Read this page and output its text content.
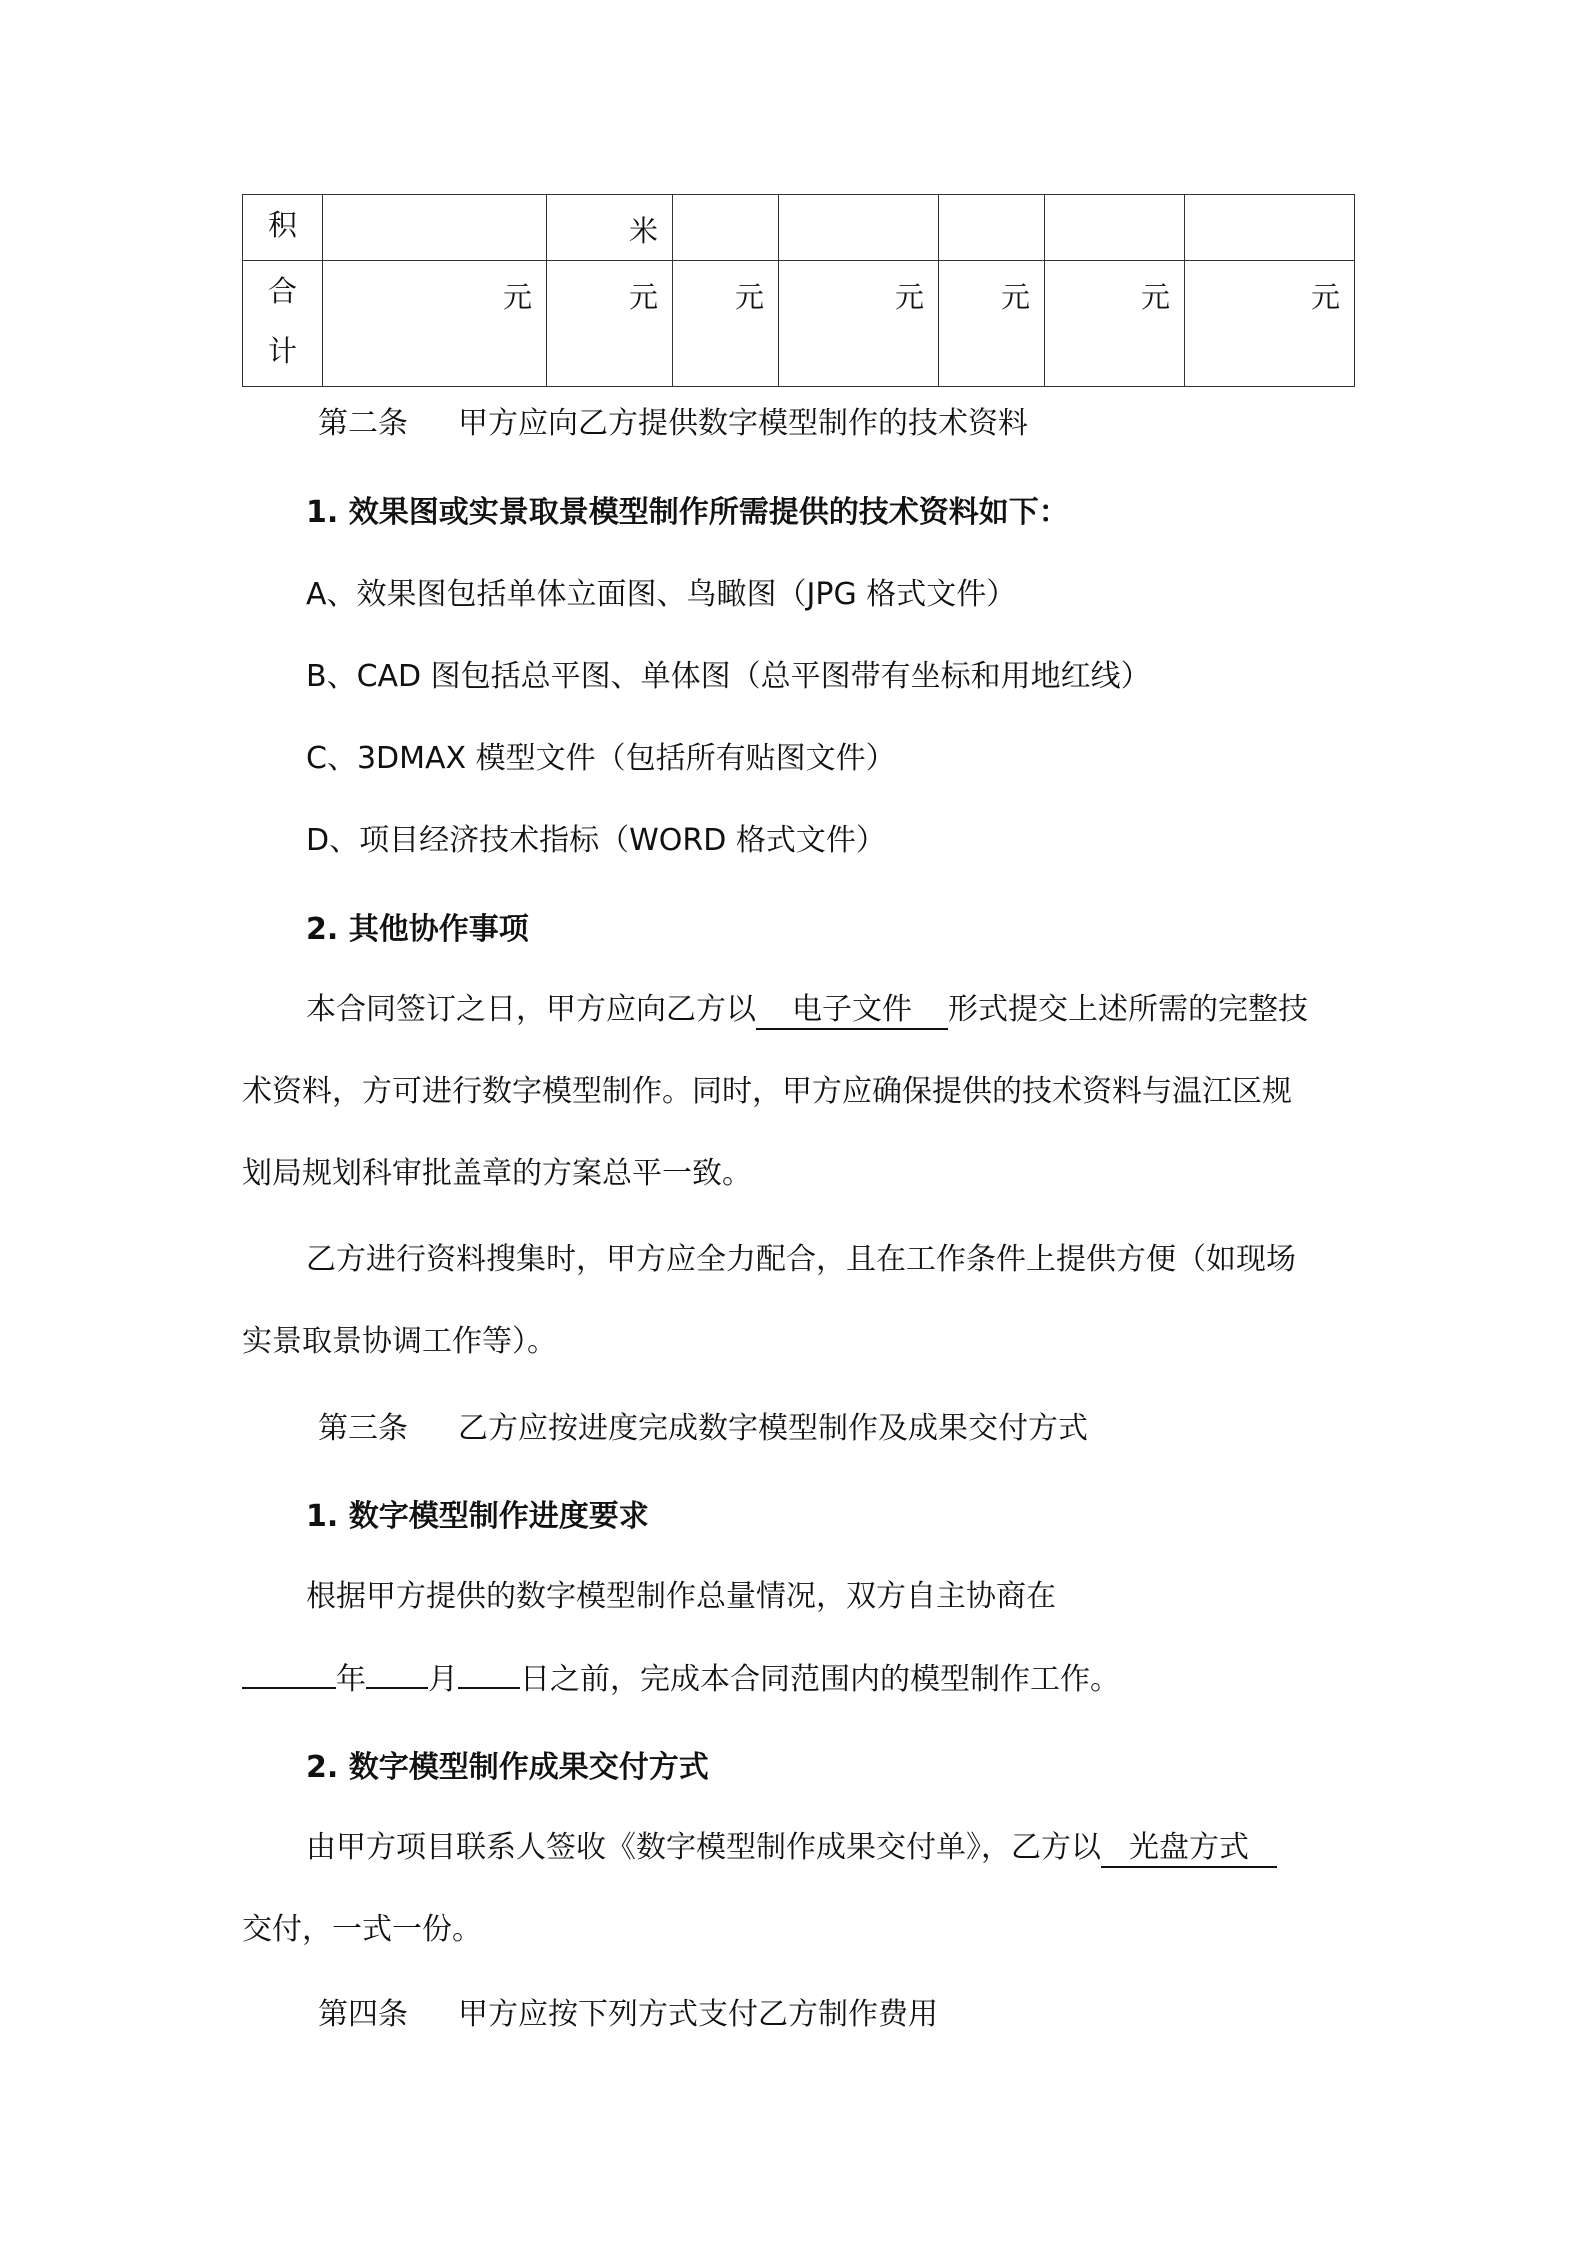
积		米					

合
计	元	元	元	元	元	元	元
第二条 甲方应向乙方提供数字模型制作的技术资料
1. 效果图或实景取景模型制作所需提供的技术资料如下：
A、效果图包括单体立面图、鸟瞰图（JPG 格式文件）
B、CAD 图包括总平图、单体图（总平图带有坐标和用地红线）
C、3DMAX 模型文件（包括所有贴图文件）
D、项目经济技术指标（WORD 格式文件）
2. 其他协作事项
本合同签订之日，甲方应向乙方以 电子文件 形式提交上述所需的完整技
术资料，方可进行数字模型制作。同时，甲方应确保提供的技术资料与温江区规
划局规划科审批盖章的方案总平一致。
乙方进行资料搜集时，甲方应全力配合，且在工作条件上提供方便（如现场
实景取景协调工作等）。
第三条 乙方应按进度完成数字模型制作及成果交付方式
1. 数字模型制作进度要求
根据甲方提供的数字模型制作总量情况，双方自主协商在
年 月 日之前，完成本合同范围内的模型制作工作。
2. 数字模型制作成果交付方式
由甲方项目联系人签收《数字模型制作成果交付单》，乙方以 光盘方式
交付，一式一份。
第四条 甲方应按下列方式支付乙方制作费用
